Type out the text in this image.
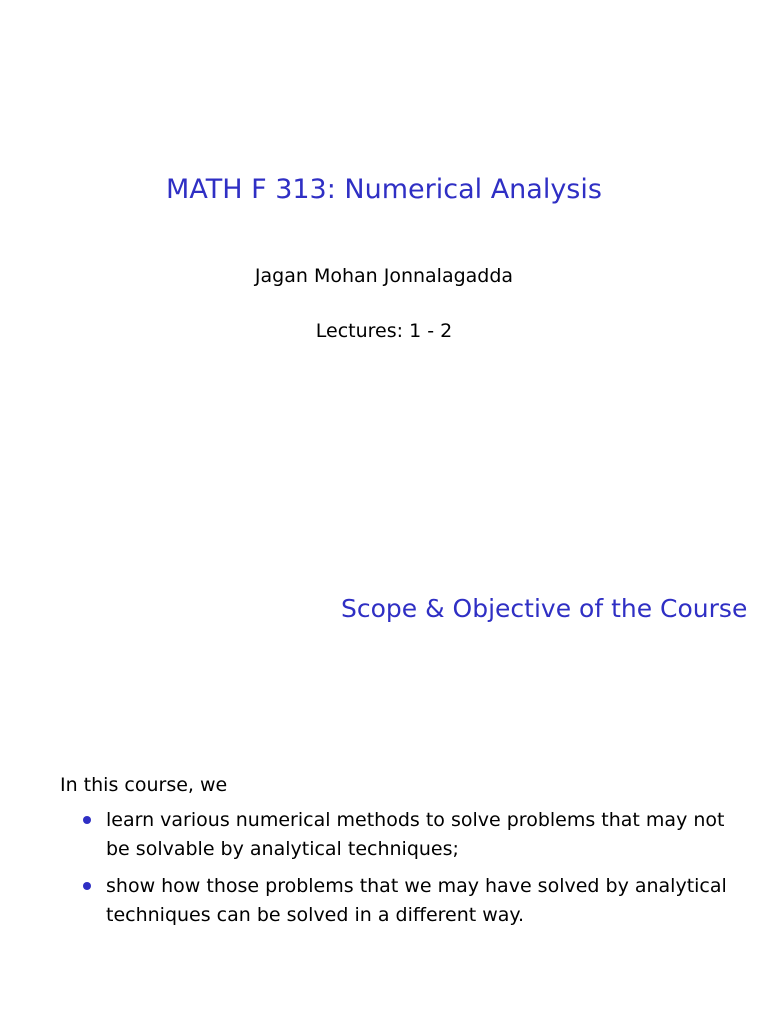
MATH F 313: Numerical Analysis

Jagan Mohan Jonnalagadda

Lectures: 1 - 2

Scope & Objective of the Course

In this course, we

learn various numerical methods to solve problems that may not be solvable by analytical techniques;
show how those problems that we may have solved by analytical techniques can be solved in a different way.
